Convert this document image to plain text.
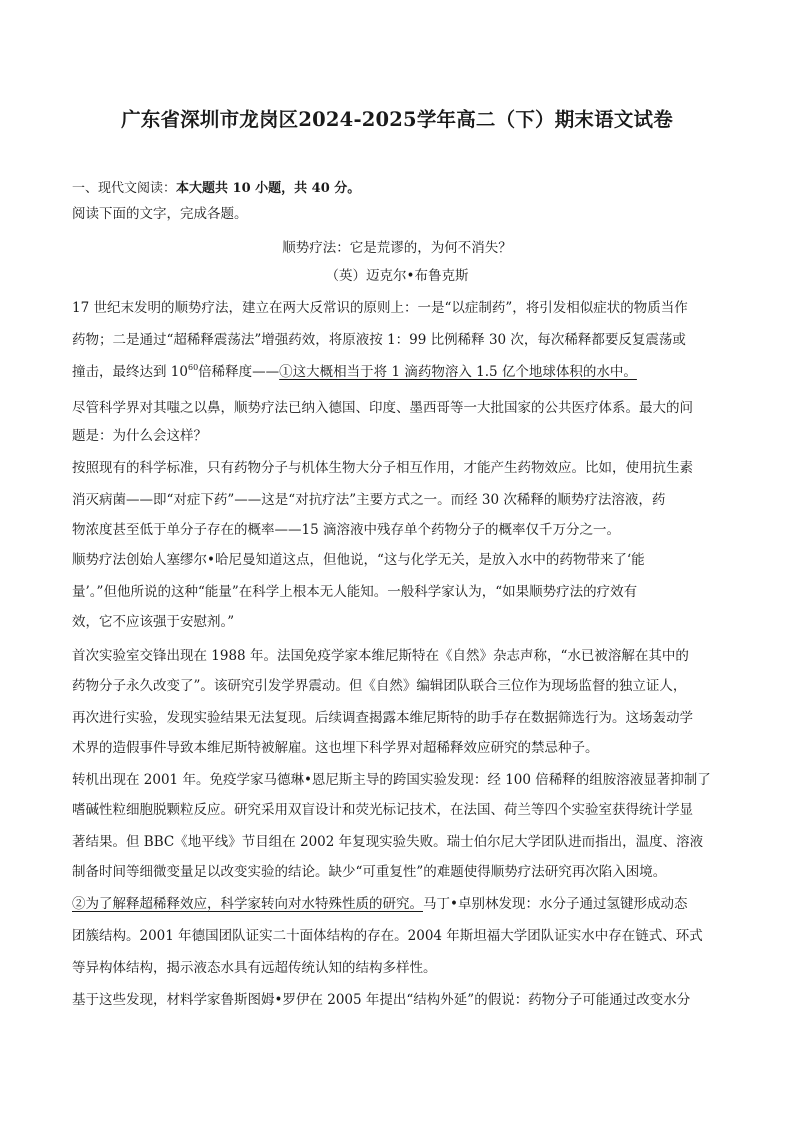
广东省深圳市龙岗区2024-2025学年高二（下）期末语文试卷
一、现代文阅读：本大题共 10 小题，共 40 分。
阅读下面的文字，完成各题。
顺势疗法：它是荒谬的，为何不消失？
（英）迈克尔•布鲁克斯
17 世纪末发明的顺势疗法，建立在两大反常识的原则上：一是“以症制药”，将引发相似症状的物质当作
药物；二是通过“超稀释震荡法”增强药效，将原液按 1：99 比例稀释 30 次，每次稀释都要反复震荡或
撞击，最终达到 $10^{60}$倍稀释度——①这大概相当于将 1 滴药物溶入 1.5 亿个地球体积的水中。
尽管科学界对其嗤之以鼻，顺势疗法已纳入德国、印度、墨西哥等一大批国家的公共医疗体系。最大的问
题是：为什么会这样？
按照现有的科学标准，只有药物分子与机体生物大分子相互作用，才能产生药物效应。比如，使用抗生素
消灭病菌——即“对症下药”——这是“对抗疗法”主要方式之一。而经 30 次稀释的顺势疗法溶液，药
物浓度甚至低于单分子存在的概率——15 滴溶液中残存单个药物分子的概率仅千万分之一。
顺势疗法创始人塞缪尔•哈尼曼知道这点，但他说，“这与化学无关，是放入水中的药物带来了‘能
量’。”但他所说的这种“能量”在科学上根本无人能知。一般科学家认为，“如果顺势疗法的疗效有
效，它不应该强于安慰剂。”
首次实验室交锋出现在 1988 年。法国免疫学家本维尼斯特在《自然》杂志声称，“水已被溶解在其中的
药物分子永久改变了”。该研究引发学界震动。但《自然》编辑团队联合三位作为现场监督的独立证人，
再次进行实验，发现实验结果无法复现。后续调查揭露本维尼斯特的助手存在数据筛选行为。这场轰动学
术界的造假事件导致本维尼斯特被解雇。这也埋下科学界对超稀释效应研究的禁忌种子。
转机出现在 2001 年。免疫学家马德琳•恩尼斯主导的跨国实验发现：经 100 倍稀释的组胺溶液显著抑制了
嗜碱性粒细胞脱颗粒反应。研究采用双盲设计和荧光标记技术，在法国、荷兰等四个实验室获得统计学显
著结果。但 BBC《地平线》节目组在 2002 年复现实验失败。瑞士伯尔尼大学团队进而指出，温度、溶液
制备时间等细微变量足以改变实验的结论。缺少“可重复性”的难题使得顺势疗法研究再次陷入困境。
②为了解释超稀释效应，科学家转向对水特殊性质的研究。马丁•卓别林发现：水分子通过氢键形成动态
团簇结构。2001 年德国团队证实二十面体结构的存在。2004 年斯坦福大学团队证实水中存在链式、环式
等异构体结构，揭示液态水具有远超传统认知的结构多样性。
基于这些发现，材料学家鲁斯图姆•罗伊在 2005 年提出“结构外延”的假说：药物分子可能通过改变水分
